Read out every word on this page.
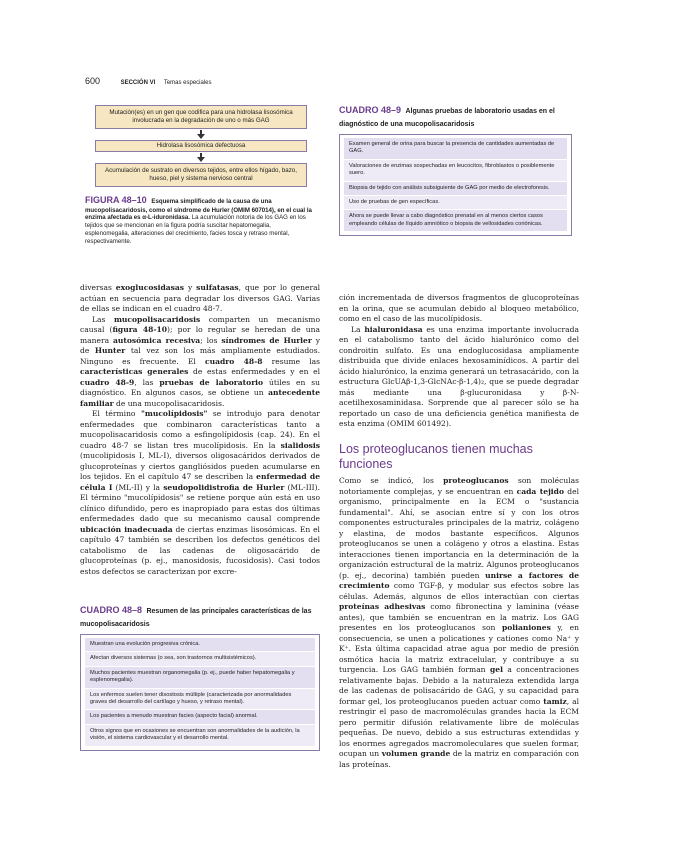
600	SECCIÓN VI Temas especiales
Mutación(es) en un gen que codifica para una hidrolasa lisosómica involucrada en la degradación de uno o más GAG
Hidrolasa lisosómica defectuosa
Acumulación de sustrato en diversos tejidos, entre ellos hígado, bazo, hueso, piel y sistema nervioso central
FIGURA 48–10 Esquema simplificado de la causa de una mucopolisacaridosis, como el síndrome de Hurler (OMIM 607014), en el cual la enzima afectada es α-L-iduronidasa. La acumulación notoria de los GAG en los tejidos que se mencionan en la figura podría suscitar hepatomegalia, esplenomegalia, alteraciones del crecimiento, facies tosca y retraso mental, respectivamente.
CUADRO 48–9 Algunas pruebas de laboratorio usadas en el diagnóstico de una mucopolisacaridosis
Examen general de orina para buscar la presencia de cantidades aumentadas de GAG.
Valoraciones de enzimas sospechadas en leucocitos, fibroblastos o posiblemente suero.
Biopsia de tejido con análisis subsiguiente de GAG por medio de electroforesis.
Uso de pruebas de gen específicas.
Ahora se puede llevar a cabo diagnóstico prenatal en al menos ciertos casos empleando células de líquido amniótico o biopsia de vellosidades coriónicas.

diversas exoglucosidasas y sulfatasas, que por lo general actúan en secuencia para degradar los diversos GAG. Varias de ellas se indican en el cuadro 48-7.

Las mucopolisacaridosis comparten un mecanismo causal (figura 48-10); por lo regular se heredan de una manera autosómica recesiva; los síndromes de Hurler y de Hunter tal vez son los más ampliamente estudiados. Ninguno es frecuente. El cuadro 48-8 resume las características generales de estas enfermedades y en el cuadro 48-9, las pruebas de laboratorio útiles en su diagnóstico. En algunos casos, se obtiene un antecedente familiar de una mucopolisacaridosis.

El término "mucolípidosis" se introdujo para denotar enfermedades que combinaron características tanto a mucopolisacaridosis como a esfingolípidosis (cap. 24). En el cuadro 48-7 se listan tres mucolípidosis. En la sialidosis (mucolipidosis I, ML-I), diversos oligosacáridos derivados de glucoproteínas y ciertos gangliósidos pueden acumularse en los tejidos. En el capítulo 47 se describen la enfermedad de célula I (ML-II) y la seudopolidistrofia de Hurler (ML-III). El término "mucolípidosis" se retiene porque aún está en uso clínico difundido, pero es inapropiado para estas dos últimas enfermedades dado que su mecanismo causal comprende ubicación inadecuada de ciertas enzimas lisosómicas. En el capítulo 47 también se describen los defectos genéticos del catabolismo de las cadenas de oligosacárido de glucoproteínas (p. ej., manosidosis, fucosidosis). Casi todos estos defectos se caracterizan por excre-

CUADRO 48–8 Resumen de las principales características de las mucopolisacaridosis
Muestran una evolución progresiva crónica.
Afectan diversos sistemas (o sea, son trastornos multisistémicos).
Muchos pacientes muestran organomegalia (p. ej., puede haber hepatomegalia y esplenomegalia).
Los enfermos suelen tener disostosis múltiple (caracterizada por anormalidades graves del desarrollo del cartílago y hueso, y retraso mental).
Los pacientes a menudo muestran facies (aspecto facial) anormal.
Otros signos que en ocasiones se encuentran son anormalidades de la audición, la visión, el sistema cardiovascular y el desarrollo mental.

ción incrementada de diversos fragmentos de glucoproteínas en la orina, que se acumulan debido al bloqueo metabólico, como en el caso de las mucolípidosis.

La hialuronidasa es una enzima importante involucrada en el catabolismo tanto del ácido hialurónico como del condroitin sulfato. Es una endoglucosidasa ampliamente distribuida que divide enlaces hexosaminídicos. A partir del ácido hialurónico, la enzima generará un tetrasacárido, con la estructura GlcUAβ-1,3-GlcNAc-β-1,4)₂, que se puede degradar más mediante una β-glucuronidasa y β-N-acetilhexosaminidasa. Sorprende que al parecer sólo se ha reportado un caso de una deficiencia genética manifiesta de esta enzima (OMIM 601492).

Los proteoglucanos tienen muchas funciones

Como se indicó, los proteoglucanos son moléculas notoriamente complejas, y se encuentran en cada tejido del organismo, principalmente en la ECM o "sustancia fundamental". Ahí, se asocian entre sí y con los otros componentes estructurales principales de la matriz, colágeno y elastina, de modos bastante específicos. Algunos proteoglucanos se unen a colágeno y otros a elastina. Estas interacciones tienen importancia en la determinación de la organización estructural de la matriz. Algunos proteoglucanos (p. ej., decorina) también pueden unirse a factores de crecimiento como TGF-β, y modular sus efectos sobre las células. Además, algunos de ellos interactúan con ciertas proteínas adhesivas como fibronectina y laminina (véase antes), que también se encuentran en la matriz. Los GAG presentes en los proteoglucanos son polianiones y, en consecuencia, se unen a policationes y cationes como Na⁺ y K⁺. Esta última capacidad atrae agua por medio de presión osmótica hacia la matriz extracelular, y contribuye a su turgencia. Los GAG también forman gel a concentraciones relativamente bajas. Debido a la naturaleza extendida larga de las cadenas de polisacárido de GAG, y su capacidad para formar gel, los proteoglucanos pueden actuar como tamiz, al restringir el paso de macromoléculas grandes hacia la ECM pero permitir difusión relativamente libre de moléculas pequeñas. De nuevo, debido a sus estructuras extendidas y los enormes agregados macromoleculares que suelen formar, ocupan un volumen grande de la matriz en comparación con las proteínas.
